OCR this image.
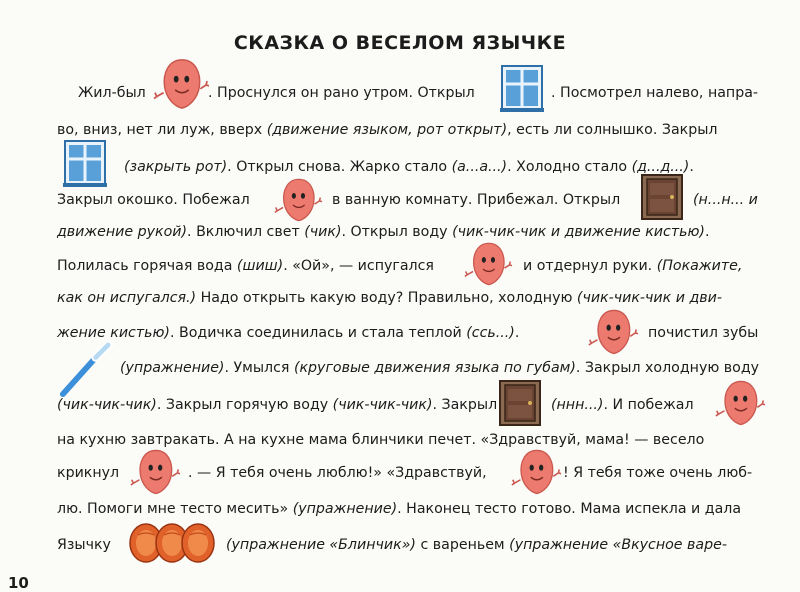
СКАЗКА О ВЕСЕЛОМ ЯЗЫЧКЕ
Жил-был	. Проснулся он рано утром. Открыл	. Посмотрел налево, напра-
во, вниз, нет ли луж, вверх (движение языком, рот открыт), есть ли солнышко. Закрыл
(закрыть рот). Открыл снова. Жарко стало (а...а...). Холодно стало (д...д...).
Закрыл окошко. Побежал	в ванную комнату. Прибежал. Открыл	(н...н... и
движение рукой). Включил свет (чик). Открыл воду (чик-чик-чик и движение кистью).
Полилась горячая вода (шиш). «Ой», — испугался	и отдернул руки. (Покажите,
как он испугался.) Надо открыть какую воду? Правильно, холодную (чик-чик-чик и дви-
жение кистью). Водичка соединилась и стала теплой (ссь...).	почистил зубы
(упражнение). Умылся (круговые движения языка по губам). Закрыл холодную воду
(чик-чик-чик). Закрыл горячую воду (чик-чик-чик). Закрыл	(ннн...). И побежал
на кухню завтракать. А на кухне мама блинчики печет. «Здравствуй, мама! — весело
крикнул	. — Я тебя очень люблю!» «Здравствуй,	! Я тебя тоже очень люб-
лю. Помоги мне тесто месить» (упражнение). Наконец тесто готово. Мама испекла и дала
Язычку	(упражнение «Блинчик») с вареньем (упражнение «Вкусное варе-
10
